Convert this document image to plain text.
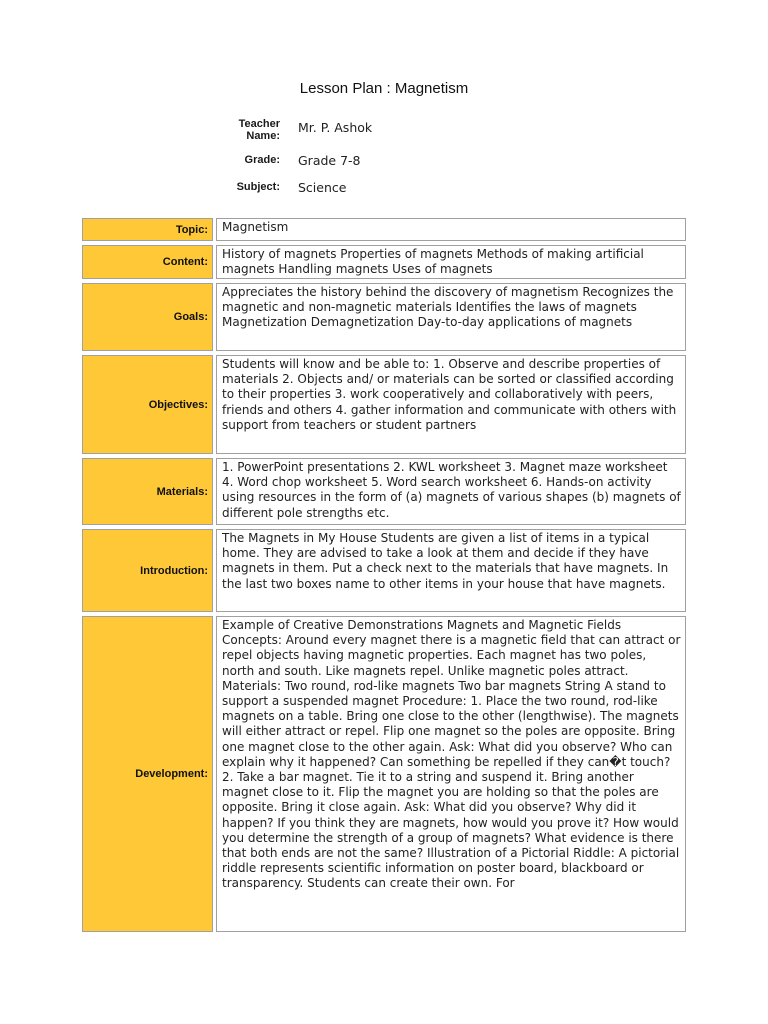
Lesson Plan : Magnetism
Teacher Name:
Mr. P. Ashok
Grade: Grade 7-8
Subject: Science
Topic:	Magnetism
Content:
History of magnets Properties of magnets Methods of making artificial magnets Handling magnets Uses of magnets
Goals:
Appreciates the history behind the discovery of magnetism Recognizes the magnetic and non-magnetic materials Identifies the laws of magnets Magnetization Demagnetization Day-to-day applications of magnets
Objectives:
Students will know and be able to: 1. Observe and describe properties of materials 2. Objects and/ or materials can be sorted or classified according to their properties 3. work cooperatively and collaboratively with peers, friends and others 4. gather information and communicate with others with support from teachers or student partners
Materials:
1. PowerPoint presentations 2. KWL worksheet 3. Magnet maze worksheet 4. Word chop worksheet 5. Word search worksheet 6. Hands-on activity using resources in the form of (a) magnets of various shapes (b) magnets of different pole strengths etc.
Introduction:
The Magnets in My House Students are given a list of items in a typical home. They are advised to take a look at them and decide if they have magnets in them. Put a check next to the materials that have magnets. In the last two boxes name to other items in your house that have magnets.
Development:
Example of Creative Demonstrations Magnets and Magnetic Fields Concepts: Around every magnet there is a magnetic field that can attract or repel objects having magnetic properties. Each magnet has two poles, north and south. Like magnets repel. Unlike magnetic poles attract. Materials: Two round, rod-like magnets Two bar magnets String A stand to support a suspended magnet Procedure: 1. Place the two round, rod-like magnets on a table. Bring one close to the other (lengthwise). The magnets will either attract or repel. Flip one magnet so the poles are opposite. Bring one magnet close to the other again. Ask: What did you observe? Who can explain why it happened? Can something be repelled if they can�t touch? 2. Take a bar magnet. Tie it to a string and suspend it. Bring another magnet close to it. Flip the magnet you are holding so that the poles are opposite. Bring it close again. Ask: What did you observe? Why did it happen? If you think they are magnets, how would you prove it? How would you determine the strength of a group of magnets? What evidence is there that both ends are not the same? Illustration of a Pictorial Riddle: A pictorial riddle represents scientific information on poster board, blackboard or transparency. Students can create their own. For
